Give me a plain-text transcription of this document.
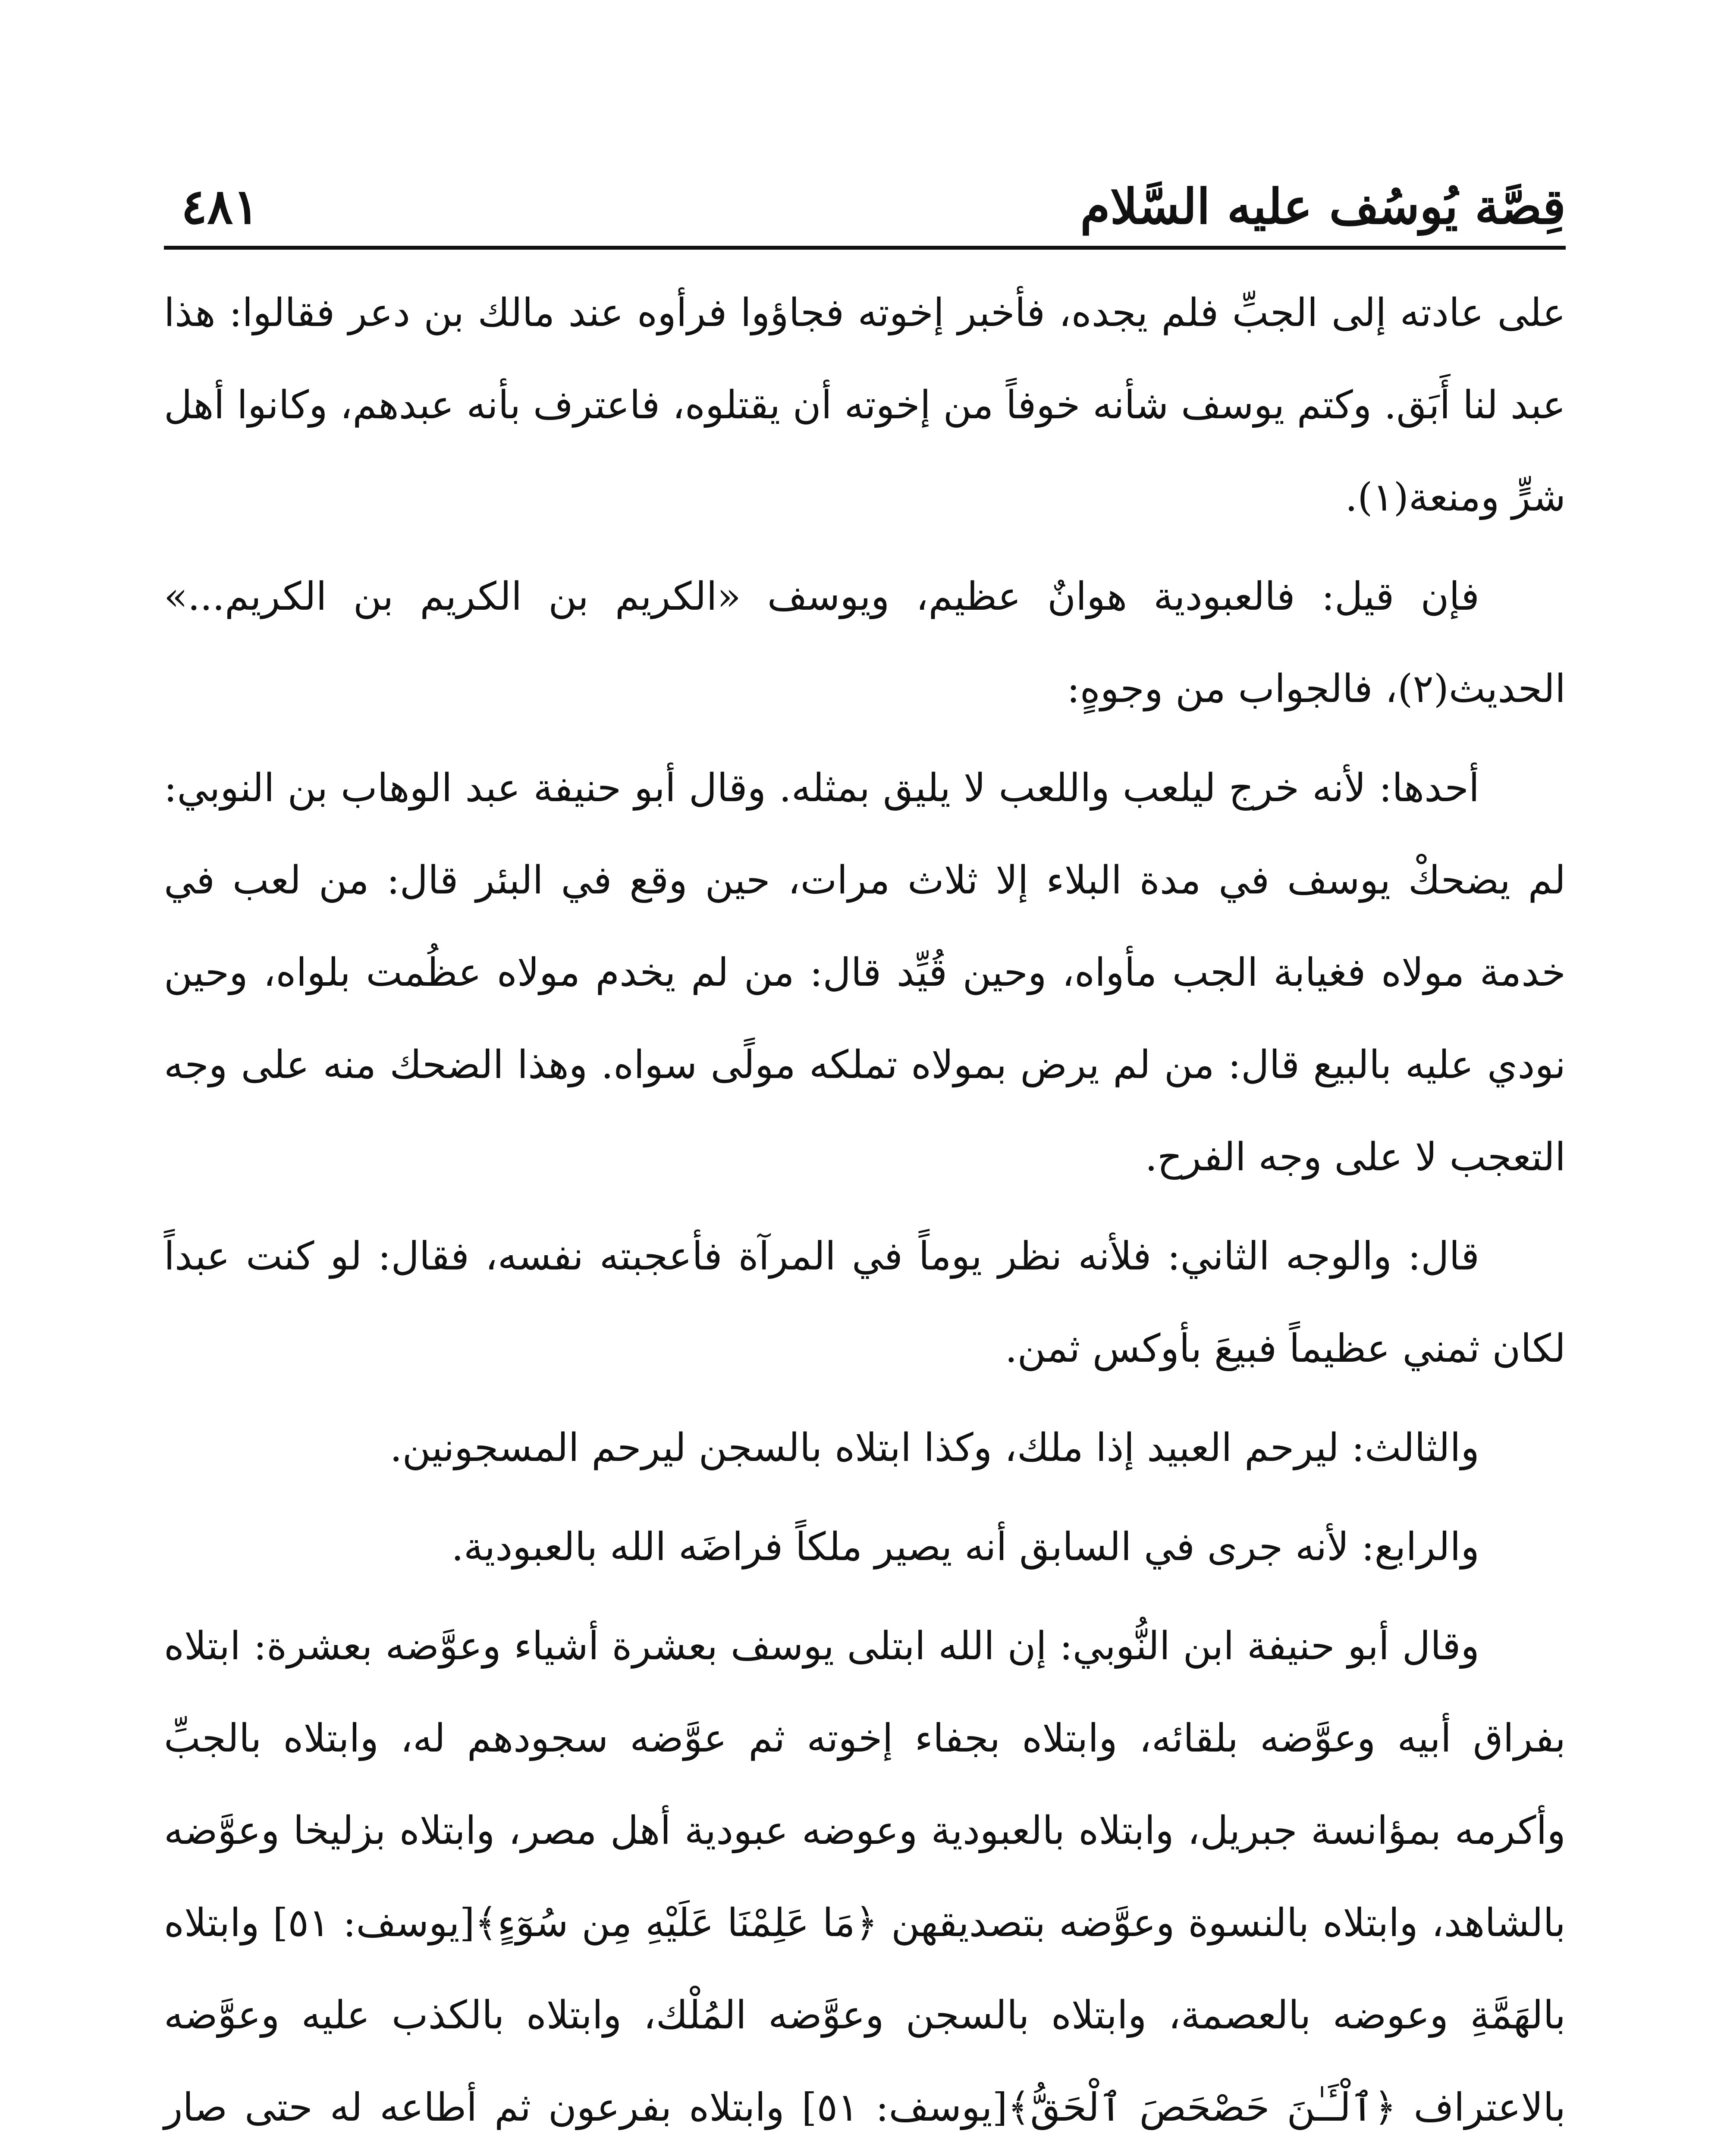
قِصَّة يُوسُف عليه السَّلام
٤٨١

على عادته إلى الجبِّ فلم يجده، فأخبر إخوته فجاؤوا فرأوه عند مالك بن دعر فقالوا: هذا عبد لنا أَبَق. وكتم يوسف شأنه خوفاً من إخوته أن يقتلوه، فاعترف بأنه عبدهم، وكانوا أهل شرٍّ ومنعة(١).

فإن قيل: فالعبودية هوانٌ عظيم، ويوسف «الكريم بن الكريم بن الكريم...» الحديث(٢)، فالجواب من وجوهٍ:

أحدها: لأنه خرج ليلعب واللعب لا يليق بمثله. وقال أبو حنيفة عبد الوهاب بن النوبي: لم يضحكْ يوسف في مدة البلاء إلا ثلاث مرات، حين وقع في البئر قال: من لعب في خدمة مولاه فغيابة الجب مأواه، وحين قُيِّد قال: من لم يخدم مولاه عظُمت بلواه، وحين نودي عليه بالبيع قال: من لم يرض بمولاه تملكه مولًى سواه. وهذا الضحك منه على وجه التعجب لا على وجه الفرح.

قال: والوجه الثاني: فلأنه نظر يوماً في المرآة فأعجبته نفسه، فقال: لو كنت عبداً لكان ثمني عظيماً فبيعَ بأوكس ثمن.

والثالث: ليرحم العبيد إذا ملك، وكذا ابتلاه بالسجن ليرحم المسجونين.

والرابع: لأنه جرى في السابق أنه يصير ملكاً فراضَه الله بالعبودية.

وقال أبو حنيفة ابن النُّوبي: إن الله ابتلى يوسف بعشرة أشياء وعوَّضه بعشرة: ابتلاه بفراق أبيه وعوَّضه بلقائه، وابتلاه بجفاء إخوته ثم عوَّضه سجودهم له، وابتلاه بالجبِّ وأكرمه بمؤانسة جبريل، وابتلاه بالعبودية وعوضه عبودية أهل مصر، وابتلاه بزليخا وعوَّضه بالشاهد، وابتلاه بالنسوة وعوَّضه بتصديقهن ﴿مَا عَلِمْنَا عَلَيْهِ مِن سُوٓءٍ﴾[يوسف: ٥١] وابتلاه بالهَمَّةِ وعوضه بالعصمة، وابتلاه بالسجن وعوَّضه المُلْك، وابتلاه بالكذب عليه وعوَّضه بالاعتراف ﴿ٱلْـَٔـٰنَ حَصْحَصَ ٱلْحَقُّ﴾[يوسف: ٥١] وابتلاه بفرعون ثم أطاعه له حتى صار
